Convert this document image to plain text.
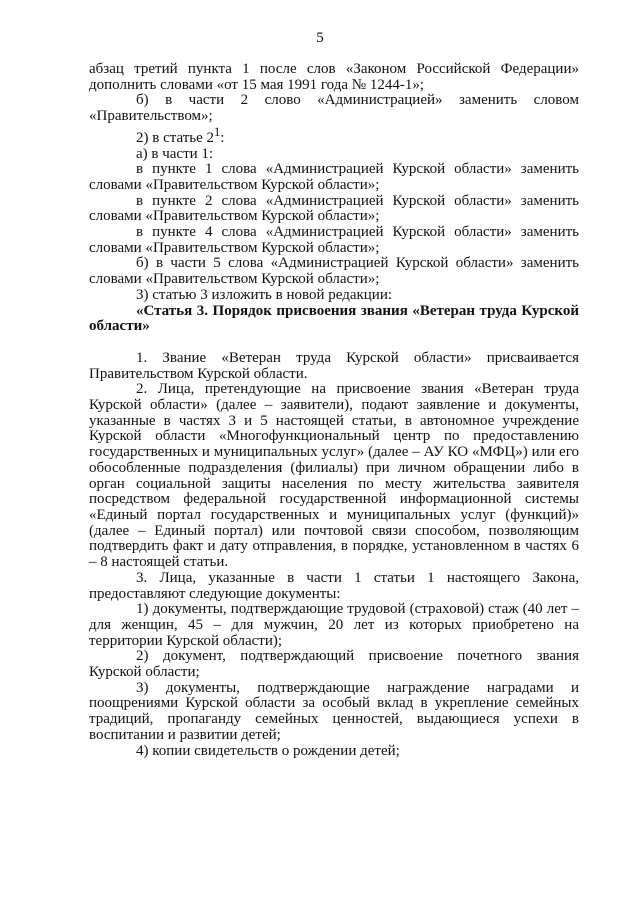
5

абзац третий пункта 1 после слов «Законом Российской Федерации» дополнить словами «от 15 мая 1991 года № 1244-1»;

б) в части 2 слово «Администрацией» заменить словом «Правительством»;

2) в статье $2^1$:

а) в части 1:

в пункте 1 слова «Администрацией Курской области» заменить словами «Правительством Курской области»;

в пункте 2 слова «Администрацией Курской области» заменить словами «Правительством Курской области»;

в пункте 4 слова «Администрацией Курской области» заменить словами «Правительством Курской области»;

б) в части 5 слова «Администрацией Курской области» заменить словами «Правительством Курской области»;

3) статью 3 изложить в новой редакции:

«Статья 3. Порядок присвоения звания «Ветеран труда Курской области»

1. Звание «Ветеран труда Курской области» присваивается Правительством Курской области.

2. Лица, претендующие на присвоение звания «Ветеран труда Курской области» (далее – заявители), подают заявление и документы, указанные в частях 3 и 5 настоящей статьи, в автономное учреждение Курской области «Многофункциональный центр по предоставлению государственных и муниципальных услуг» (далее – АУ КО «МФЦ») или его обособленные подразделения (филиалы) при личном обращении либо в орган социальной защиты населения по месту жительства заявителя посредством федеральной государственной информационной системы «Единый портал государственных и муниципальных услуг (функций)» (далее – Единый портал) или почтовой связи способом, позволяющим подтвердить факт и дату отправления, в порядке, установленном в частях 6 – 8 настоящей статьи.

3. Лица, указанные в части 1 статьи 1 настоящего Закона, предоставляют следующие документы:

1) документы, подтверждающие трудовой (страховой) стаж (40 лет – для женщин, 45 – для мужчин, 20 лет из которых приобретено на территории Курской области);

2) документ, подтверждающий присвоение почетного звания Курской области;

3) документы, подтверждающие награждение наградами и поощрениями Курской области за особый вклад в укрепление семейных традиций, пропаганду семейных ценностей, выдающиеся успехи в воспитании и развитии детей;

4) копии свидетельств о рождении детей;
